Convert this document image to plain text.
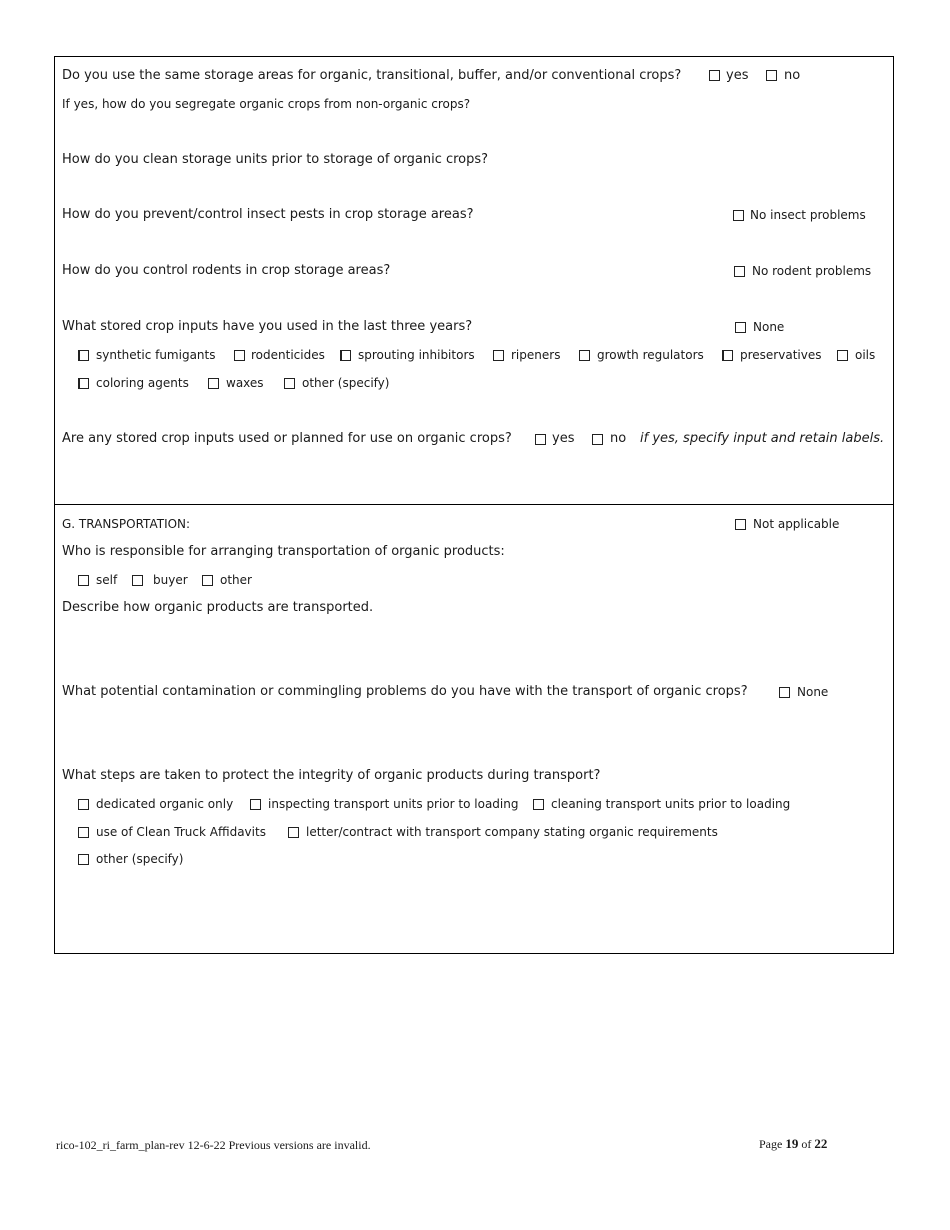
Do you use the same storage areas for organic, transitional, buffer, and/or conventional crops?	yes	no
If yes, how do you segregate organic crops from non-organic crops?
How do you clean storage units prior to storage of organic crops?
How do you prevent/control insect pests in crop storage areas?	No insect problems
How do you control rodents in crop storage areas?	No rodent problems
What stored crop inputs have you used in the last three years?	None
synthetic fumigants	rodenticides	sprouting inhibitors	ripeners	growth regulators	preservatives	oils
coloring agents	waxes	other (specify)
Are any stored crop inputs used or planned for use on organic crops?	yes	no if yes, specify input and retain labels.
G. TRANSPORTATION:	Not applicable
Who is responsible for arranging transportation of organic products:
self	buyer	other
Describe how organic products are transported.
What potential contamination or commingling problems do you have with the transport of organic crops?	None
What steps are taken to protect the integrity of organic products during transport?
dedicated organic only	inspecting transport units prior to loading	cleaning transport units prior to loading
use of Clean Truck Affidavits	letter/contract with transport company stating organic requirements
other (specify)
rico-102_ri_farm_plan-rev 12-6-22 Previous versions are invalid.	Page 19 of 22
